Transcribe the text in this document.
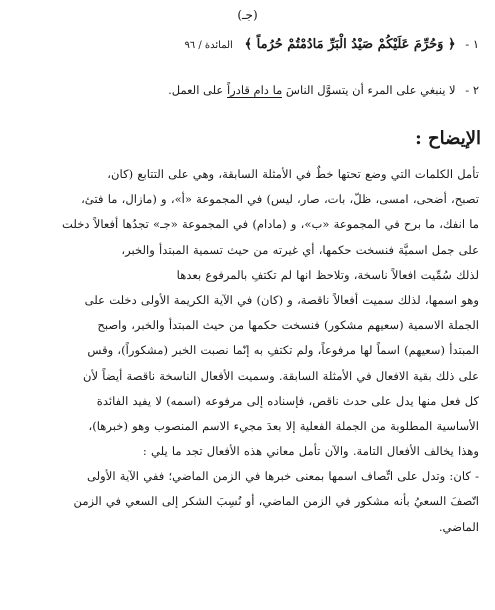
(جـ)
١ - ﴿ وَحُرِّمَ عَلَيْكُمْ صَيْدُ الْبَرِّ مَادُمْتُمْ حُرُماً ﴾ المائدة / ٩٦
٢ - لا ينبغي على المرء أن يتسوَّل الناسَ ما دام قادراً على العمل.
الإيضاح :
تأمل الكلمات التي وضع تحتها خطٌ في الأمثلة السابقة، وهي على التتابع (كان،
تصبح، أضحى، امسى، ظلّ، بات، صار، ليس) في المجموعة «أ»، و (مازال، ما فتئ،
ما انفك، ما برح في المجموعة «ب»، و (مادام) في المجموعة «جـ» تجدُها أفعالاً دخلت
على جمل اسميَّة فنسخت حكمها، أي غيرته من حيث تسمية المبتدأ والخبر،
لذلك سُمِّيت افعالاً ناسخة، وتلاحظ انها لم تكتفِ بالمرفوع بعدها
وهو اسمها، لذلك سميت أفعالاً ناقصة، و (كان) في الآية الكريمة الأولى دخلت على
الجملة الاسمية (سعيهم مشكور) فنسخت حكمها من حيث المبتدأ والخبر، واصبح
المبتدأ (سعيهم) اسماً لها مرفوعاً، ولم تكتفِ به إنّما نصبت الخبر (مشكوراً)، وقس
على ذلك بقية الافعال في الأمثلة السابقة. وسميت الأفعال الناسخة ناقصة أيضاً لأن
كل فعل منها يدل على حدث ناقص، فإسناده إلى مرفوعه (اسمه) لا يفيد الفائدة
الأساسية المطلوبة من الجملة الفعلية إلا بعدَ مجيء الاسم المنصوب وهو (خبرها)،
وهذا يخالف الأفعال التامة. والآن تأمل معاني هذه الأفعال تجد ما يلي :
- كان: وتدل على اتِّصاف اسمها بمعنى خبرها في الزمن الماضي؛ ففي الآية الأولى
اتّصفَ السعيُ بأنه مشكور في الزمن الماضي، أو نُسِبَ الشكر إلى السعي في الزمن
الماضي.
